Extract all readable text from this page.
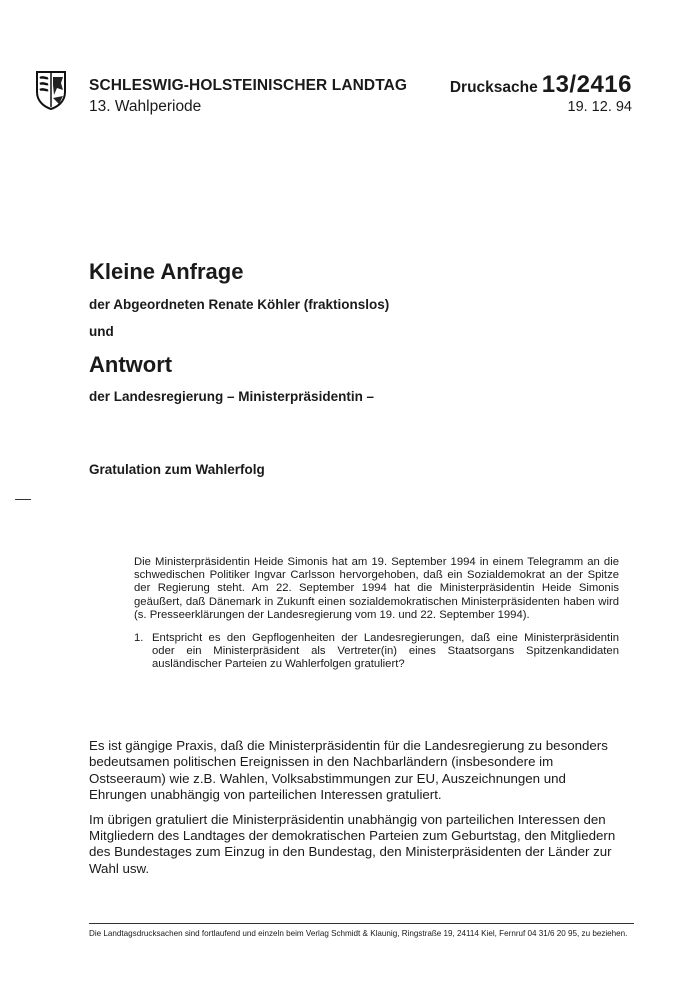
SCHLESWIG-HOLSTEINISCHER LANDTAG
13. Wahlperiode
Drucksache 13/2416
19. 12. 94
Kleine Anfrage
der Abgeordneten Renate Köhler (fraktionslos)
und
Antwort
der Landesregierung – Ministerpräsidentin –
Gratulation zum Wahlerfolg

Die Ministerpräsidentin Heide Simonis hat am 19. September 1994 in einem Telegramm an die schwedischen Politiker Ingvar Carlsson hervorgehoben, daß ein Sozialdemokrat an der Spitze der Regierung steht. Am 22. September 1994 hat die Ministerpräsidentin Heide Simonis geäußert, daß Dänemark in Zukunft einen sozialdemokratischen Ministerpräsidenten haben wird (s. Presseerklärungen der Landesregierung vom 19. und 22. September 1994).

1. Entspricht es den Gepflogenheiten der Landesregierungen, daß eine Ministerpräsidentin oder ein Ministerpräsident als Vertreter(in) eines Staatsorgans Spitzenkandidaten ausländischer Parteien zu Wahlerfolgen gratuliert?

Es ist gängige Praxis, daß die Ministerpräsidentin für die Landesregierung zu besonders bedeutsamen politischen Ereignissen in den Nachbarländern (insbesondere im Ostseeraum) wie z.B. Wahlen, Volksabstimmungen zur EU, Auszeichnungen und Ehrungen unabhängig von parteilichen Interessen gratuliert.

Im übrigen gratuliert die Ministerpräsidentin unabhängig von parteilichen Interessen den Mitgliedern des Landtages der demokratischen Parteien zum Geburtstag, den Mitgliedern des Bundestages zum Einzug in den Bundestag, den Ministerpräsidenten der Länder zur Wahl usw.

Die Landtagsdrucksachen sind fortlaufend und einzeln beim Verlag Schmidt & Klaunig, Ringstraße 19, 24114 Kiel, Fernruf 04 31/6 20 95, zu beziehen.
